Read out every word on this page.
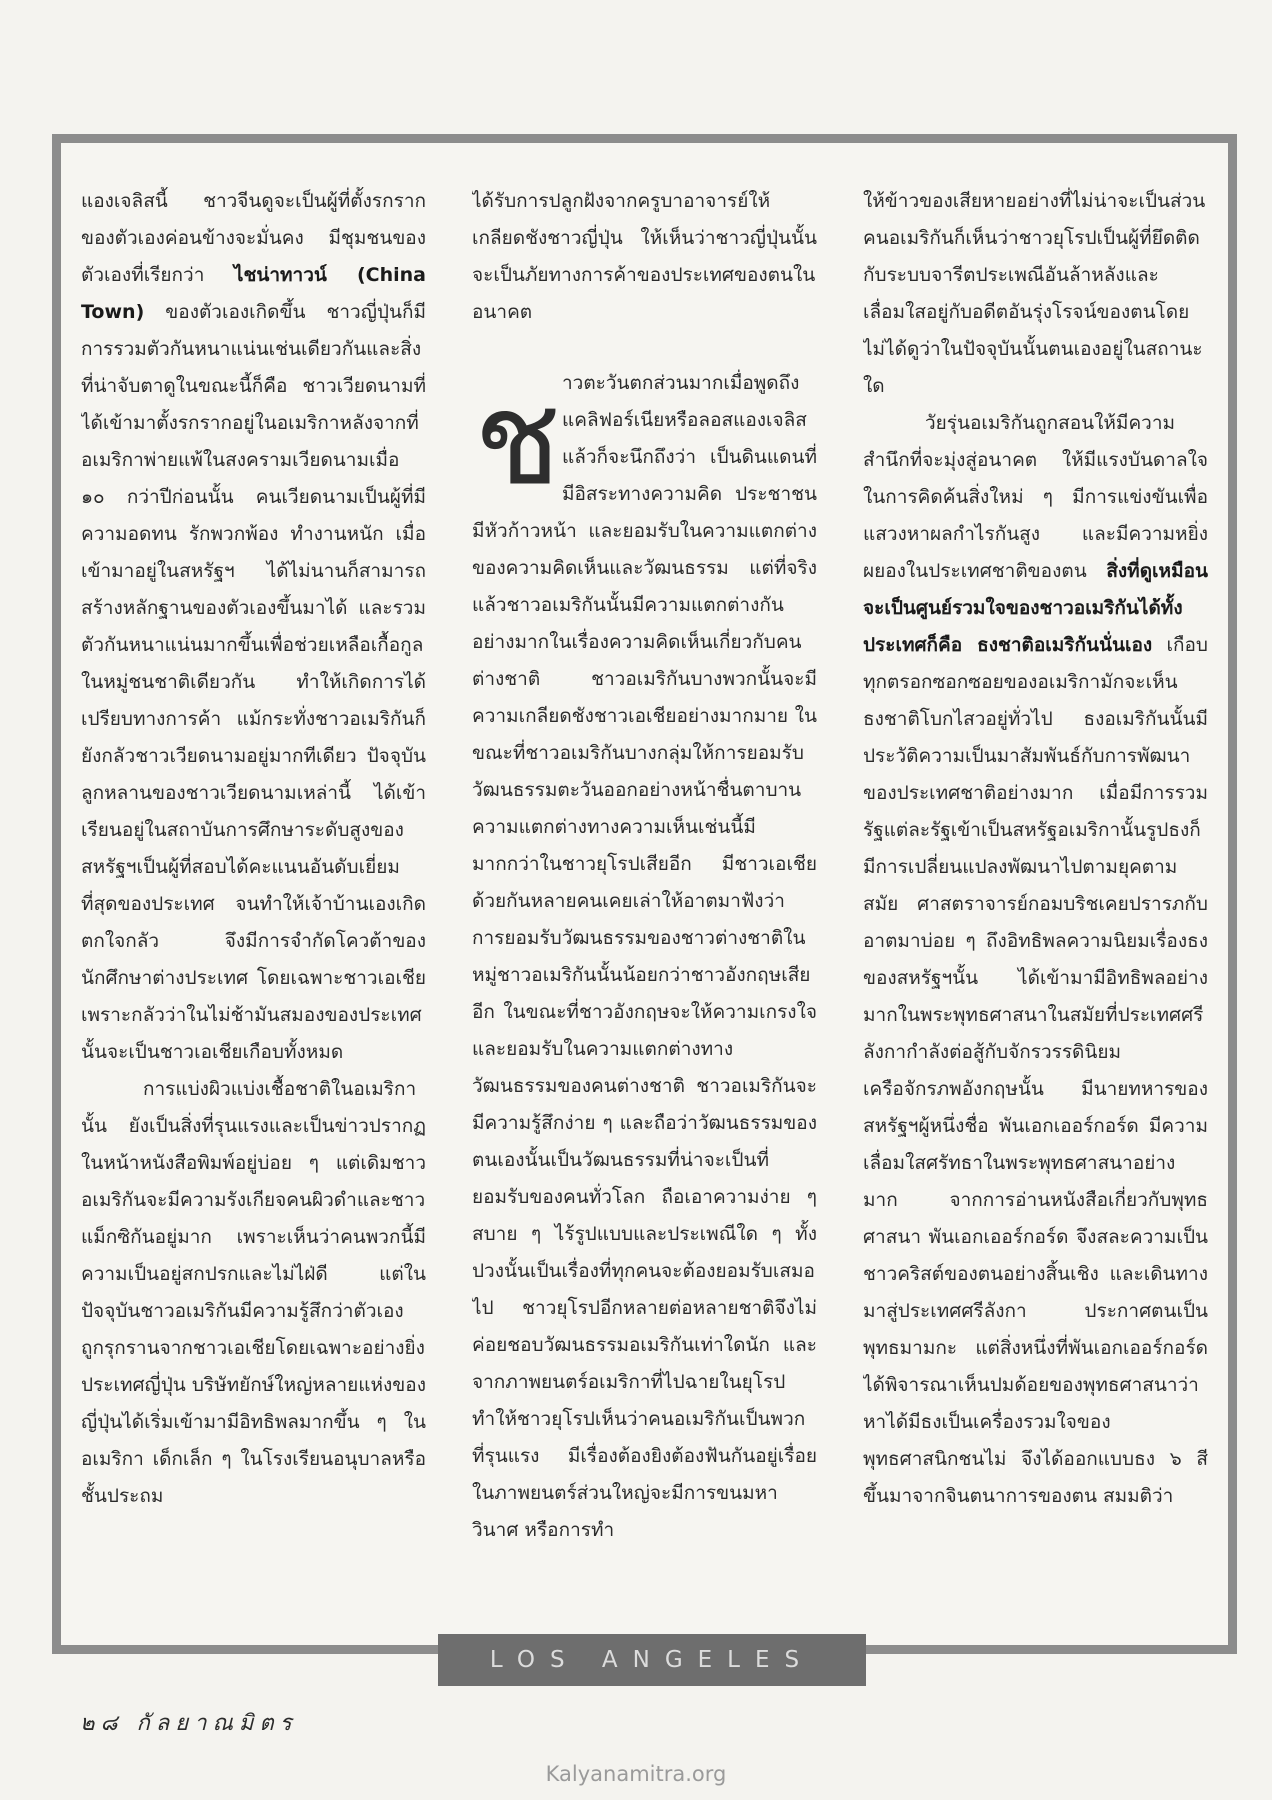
แองเจลิสนี้ ชาวจีนดูจะเป็นผู้ที่ตั้งรกรากของตัวเองค่อนข้างจะมั่นคง มีชุมชนของตัวเองที่เรียกว่า ไชน่าทาวน์ (China Town) ของตัวเองเกิดขึ้น ชาวญี่ปุ่นก็มีการรวมตัวกันหนาแน่นเช่นเดียวกันและสิ่งที่น่าจับตาดูในขณะนี้ก็คือ ชาวเวียดนามที่ได้เข้ามาตั้งรกรากอยู่ในอเมริกาหลังจากที่อเมริกาพ่ายแพ้ในสงครามเวียดนามเมื่อ ๑๐ กว่าปีก่อนนั้น คนเวียดนามเป็นผู้ที่มีความอดทน รักพวกพ้อง ทำงานหนัก เมื่อเข้ามาอยู่ในสหรัฐฯ ได้ไม่นานก็สามารถสร้างหลักฐานของตัวเองขึ้นมาได้ และรวมตัวกันหนาแน่นมากขึ้นเพื่อช่วยเหลือเกื้อกูลในหมู่ชนชาติเดียวกัน ทำให้เกิดการได้เปรียบทางการค้า แม้กระทั่งชาวอเมริกันก็ยังกลัวชาวเวียดนามอยู่มากทีเดียว ปัจจุบันลูกหลานของชาวเวียดนามเหล่านี้ ได้เข้าเรียนอยู่ในสถาบันการศึกษาระดับสูงของสหรัฐฯเป็นผู้ที่สอบได้คะแนนอันดับเยี่ยมที่สุดของประเทศ จนทำให้เจ้าบ้านเองเกิดตกใจกลัว จึงมีการจำกัดโควต้าของนักศึกษาต่างประเทศ โดยเฉพาะชาวเอเชียเพราะกลัวว่าในไม่ช้ามันสมองของประเทศนั้นจะเป็นชาวเอเชียเกือบทั้งหมด

การแบ่งผิวแบ่งเชื้อชาติในอเมริกานั้น ยังเป็นสิ่งที่รุนแรงและเป็นข่าวปรากฏในหน้าหนังสือพิมพ์อยู่บ่อย ๆ แต่เดิมชาวอเมริกันจะมีความรังเกียจคนผิวดำและชาวแม็กซิกันอยู่มาก เพราะเห็นว่าคนพวกนี้มีความเป็นอยู่สกปรกและไม่ไฝ่ดี แต่ในปัจจุบันชาวอเมริกันมีความรู้สึกว่าตัวเองถูกรุกรานจากชาวเอเชียโดยเฉพาะอย่างยิ่งประเทศญี่ปุ่น บริษัทยักษ์ใหญ่หลายแห่งของญี่ปุ่นได้เริ่มเข้ามามีอิทธิพลมากขึ้น ๆ ในอเมริกา เด็กเล็ก ๆ ในโรงเรียนอนุบาลหรือชั้นประถม

ได้รับการปลูกฝังจากครูบาอาจารย์ให้เกลียดชังชาวญี่ปุ่น ให้เห็นว่าชาวญี่ปุ่นนั้นจะเป็นภัยทางการค้าของประเทศของตนในอนาคต

ชาวตะวันตกส่วนมากเมื่อพูดถึงแคลิฟอร์เนียหรือลอสแองเจลิส แล้วก็จะนึกถึงว่า เป็นดินแดนที่มีอิสระทางความคิด ประชาชนมีหัวก้าวหน้า และยอมรับในความแตกต่างของความคิดเห็นและวัฒนธรรม แต่ที่จริงแล้วชาวอเมริกันนั้นมีความแตกต่างกันอย่างมากในเรื่องความคิดเห็นเกี่ยวกับคนต่างชาติ ชาวอเมริกันบางพวกนั้นจะมีความเกลียดชังชาวเอเชียอย่างมากมาย ในขณะที่ชาวอเมริกันบางกลุ่มให้การยอมรับวัฒนธรรมตะวันออกอย่างหน้าชื่นตาบาน ความแตกต่างทางความเห็นเช่นนี้มีมากกว่าในชาวยุโรปเสียอีก มีชาวเอเชียด้วยกันหลายคนเคยเล่าให้อาตมาฟังว่า การยอมรับวัฒนธรรมของชาวต่างชาติในหมู่ชาวอเมริกันนั้นน้อยกว่าชาวอังกฤษเสียอีก ในขณะที่ชาวอังกฤษจะให้ความเกรงใจและยอมรับในความแตกต่างทางวัฒนธรรมของคนต่างชาติ ชาวอเมริกันจะมีความรู้สึกง่าย ๆ และถือว่าวัฒนธรรมของตนเองนั้นเป็นวัฒนธรรมที่น่าจะเป็นที่ยอมรับของคนทั่วโลก ถือเอาความง่าย ๆ สบาย ๆ ไร้รูปแบบและประเพณีใด ๆ ทั้งปวงนั้นเป็นเรื่องที่ทุกคนจะต้องยอมรับเสมอไป ชาวยุโรปอีกหลายต่อหลายชาติจึงไม่ค่อยชอบวัฒนธรรมอเมริกันเท่าใดนัก และจากภาพยนตร์อเมริกาที่ไปฉายในยุโรป ทำให้ชาวยุโรปเห็นว่าคนอเมริกันเป็นพวกที่รุนแรง มีเรื่องต้องยิงต้องฟันกันอยู่เรื่อย ในภาพยนตร์ส่วนใหญ่จะมีการขนมหาวินาศ หรือการทำ

ให้ข้าวของเสียหายอย่างที่ไม่น่าจะเป็นส่วนคนอเมริกันก็เห็นว่าชาวยุโรปเป็นผู้ที่ยึดติดกับระบบจารีตประเพณีอันล้าหลังและเลื่อมใสอยู่กับอดีตอันรุ่งโรจน์ของตนโดยไม่ได้ดูว่าในปัจจุบันนั้นตนเองอยู่ในสถานะใด

วัยรุ่นอเมริกันถูกสอนให้มีความสำนึกที่จะมุ่งสู่อนาคต ให้มีแรงบันดาลใจในการคิดค้นสิ่งใหม่ ๆ มีการแข่งขันเพื่อแสวงหาผลกำไรกันสูง และมีความหยิ่งผยองในประเทศชาติของตน สิ่งที่ดูเหมือนจะเป็นศูนย์รวมใจของชาวอเมริกันได้ทั้งประเทศก็คือ ธงชาติอเมริกันนั่นเอง เกือบทุกตรอกซอกซอยของอเมริกามักจะเห็นธงชาติโบกไสวอยู่ทั่วไป ธงอเมริกันนั้นมีประวัติความเป็นมาสัมพันธ์กับการพัฒนาของประเทศชาติอย่างมาก เมื่อมีการรวมรัฐแต่ละรัฐเข้าเป็นสหรัฐอเมริกานั้นรูปธงก็มีการเปลี่ยนแปลงพัฒนาไปตามยุคตามสมัย ศาสตราจารย์กอมบริชเคยปรารภกับอาตมาบ่อย ๆ ถึงอิทธิพลความนิยมเรื่องธงของสหรัฐฯนั้น ได้เข้ามามีอิทธิพลอย่างมากในพระพุทธศาสนาในสมัยที่ประเทศศรีลังกากำลังต่อสู้กับจักรวรรดินิยมเครือจักรภพอังกฤษนั้น มีนายทหารของสหรัฐฯผู้หนึ่งชื่อ พันเอกเออร์กอร์ด มีความเลื่อมใสศรัทธาในพระพุทธศาสนาอย่างมาก จากการอ่านหนังสือเกี่ยวกับพุทธศาสนา พันเอกเออร์กอร์ด จึงสละความเป็นชาวคริสต์ของตนอย่างสิ้นเชิง และเดินทางมาสู่ประเทศศรีลังกา ประกาศตนเป็นพุทธมามกะ แต่สิ่งหนึ่งที่พันเอกเออร์กอร์ดได้พิจารณาเห็นปมด้อยของพุทธศาสนาว่า หาได้มีธงเป็นเครื่องรวมใจของพุทธศาสนิกชนไม่ จึงได้ออกแบบธง ๖ สีขึ้นมาจากจินตนาการของตน สมมติว่า

LOS ANGELES
๒๘ กัลยาณมิตร
Kalyanamitra.org
